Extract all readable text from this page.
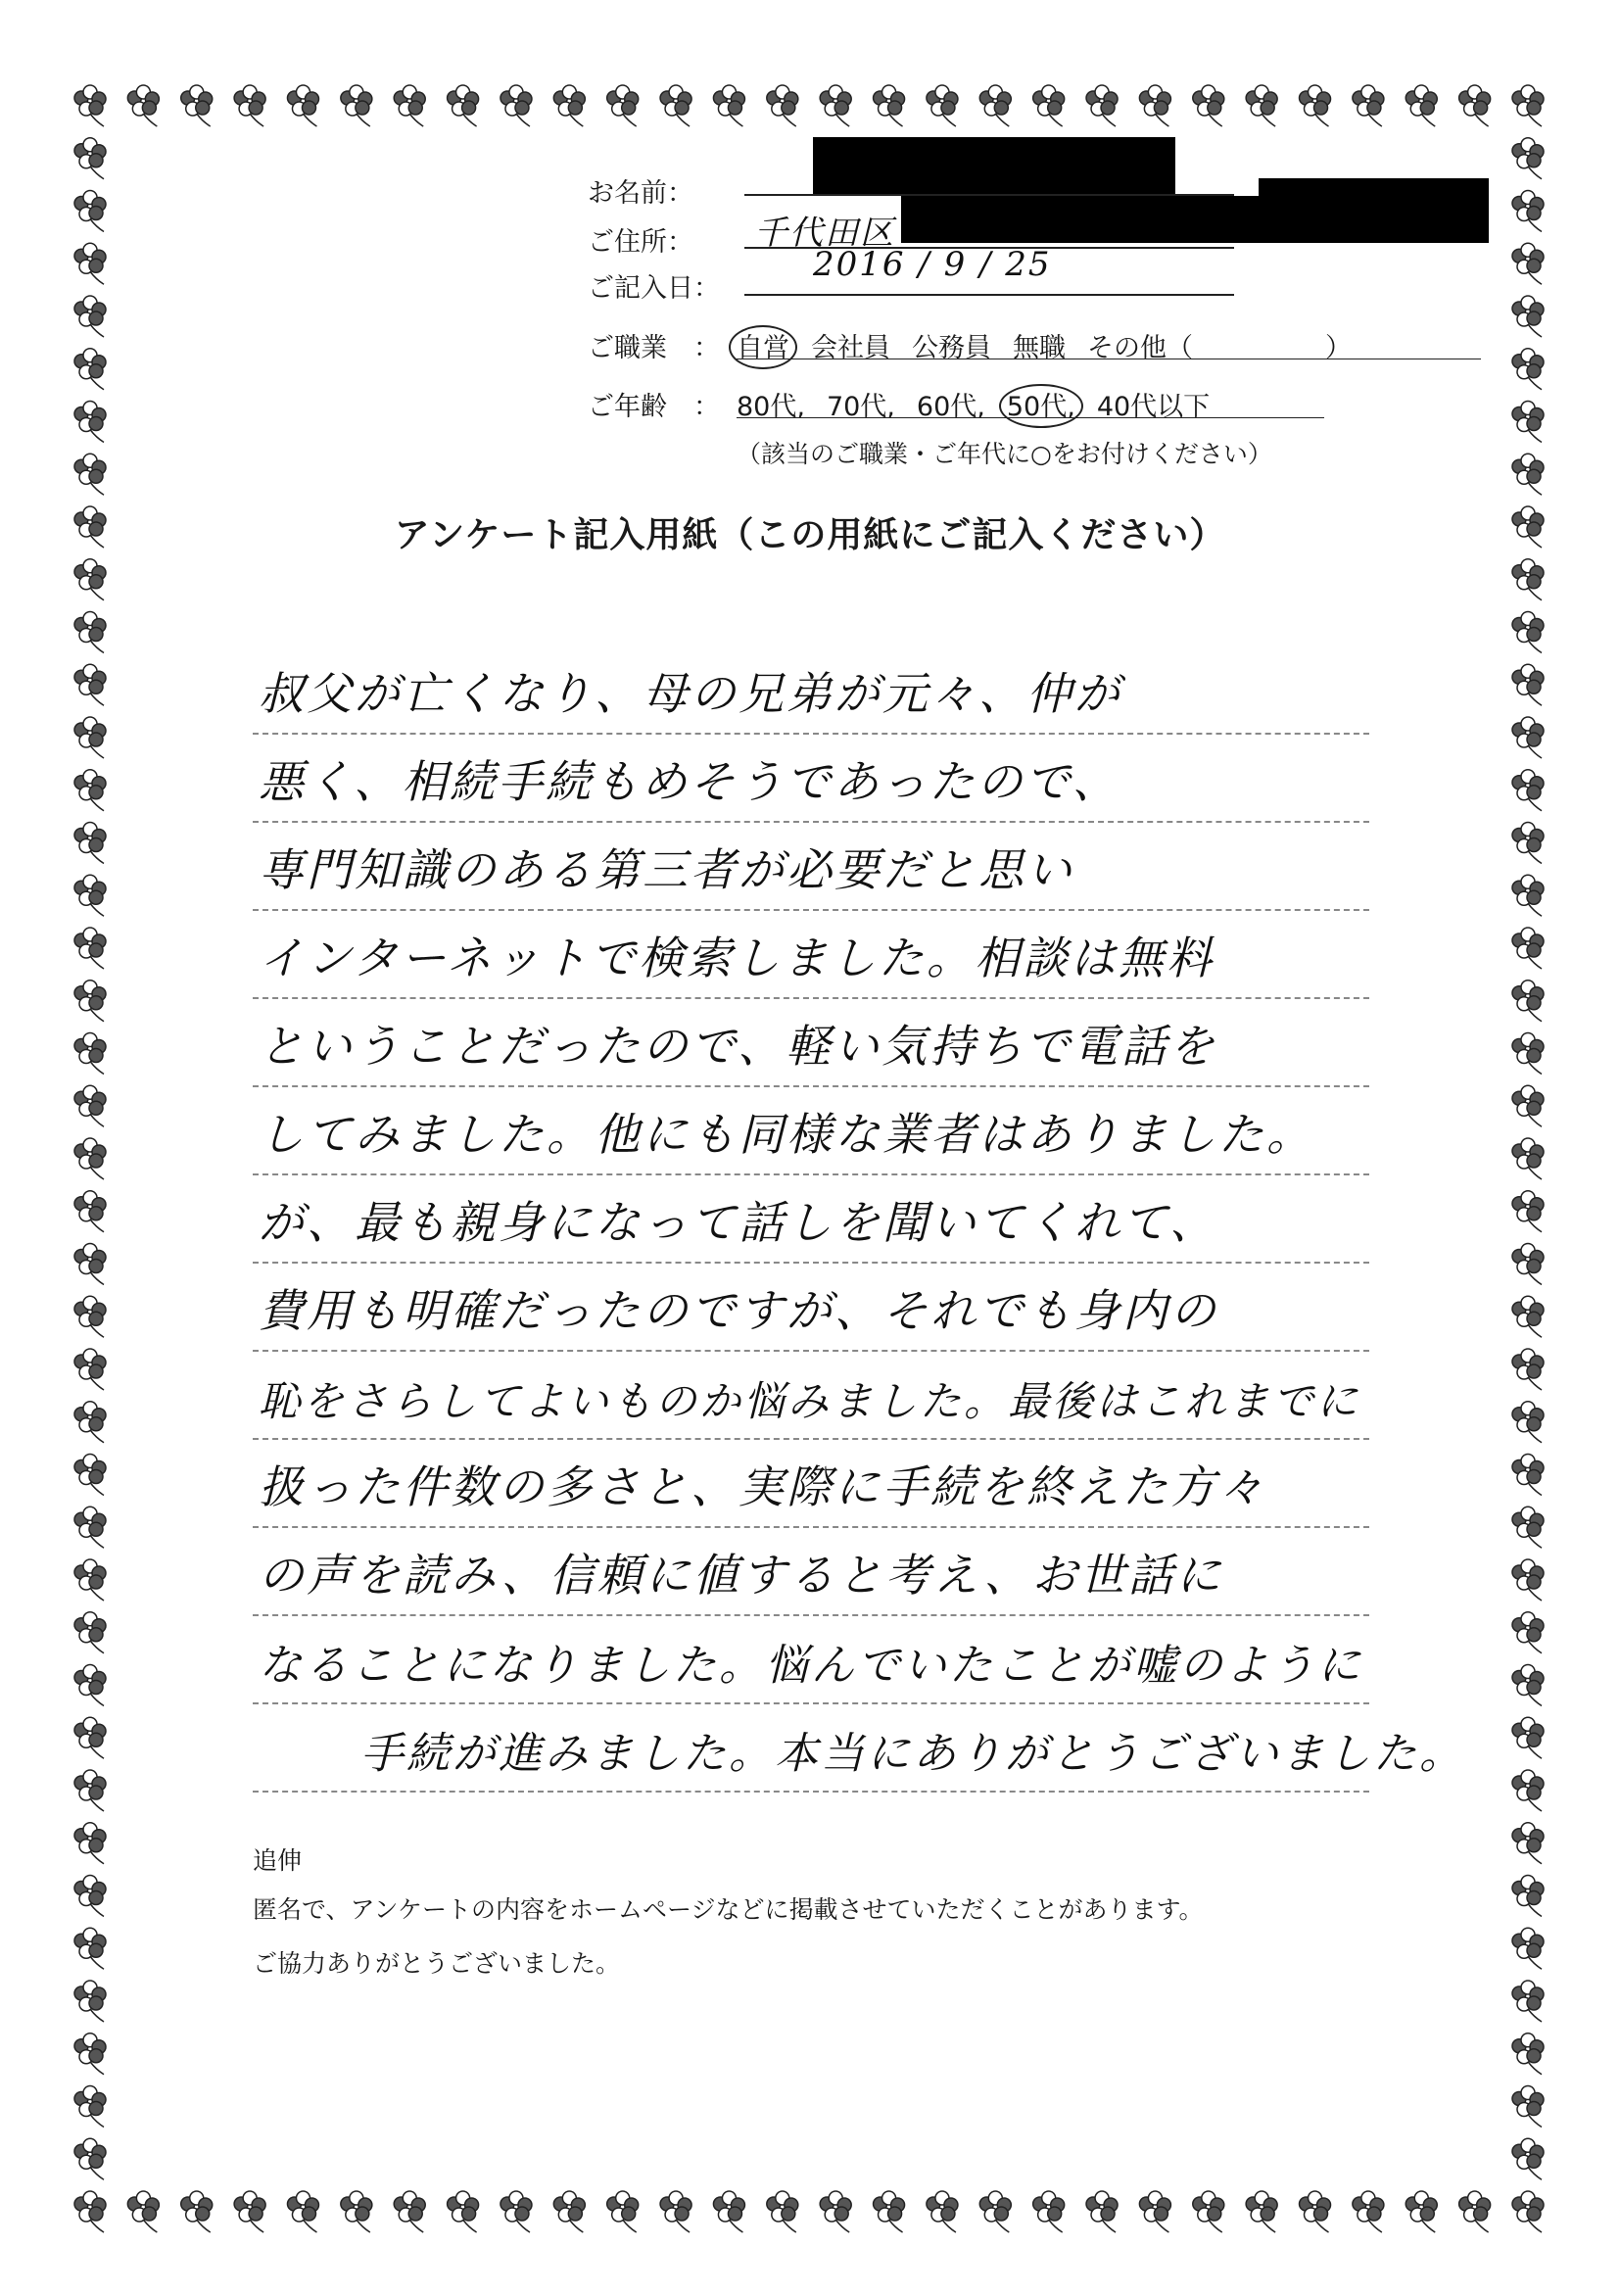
お名前：
ご住所： 千代田区
ご記入日：
2016 / 9 / 25
ご職業　： 自営 会社員 公務員 無職 その他（　　　　　）
ご年齢　： 80代, 70代, 60代, 50代, 40代以下
（該当のご職業・ご年代に○をお付けください）
アンケート記入用紙（この用紙にご記入ください）
叔父が亡くなり、母の兄弟が元々、仲が
悪く、相続手続もめそうであったので、
専門知識のある第三者が必要だと思い
インターネットで検索しました。相談は無料
ということだったので、軽い気持ちで電話を
してみました。他にも同様な業者はありました。
が、最も親身になって話しを聞いてくれて、
費用も明確だったのですが、それでも身内の
恥をさらしてよいものか悩みました。最後はこれまでに
扱った件数の多さと、実際に手続を終えた方々
の声を読み、信頼に値すると考え、お世話に
なることになりました。悩んでいたことが嘘のように
手続が進みました。本当にありがとうございました。
追伸
匿名で、アンケートの内容をホームページなどに掲載させていただくことがあります。
ご協力ありがとうございました。
